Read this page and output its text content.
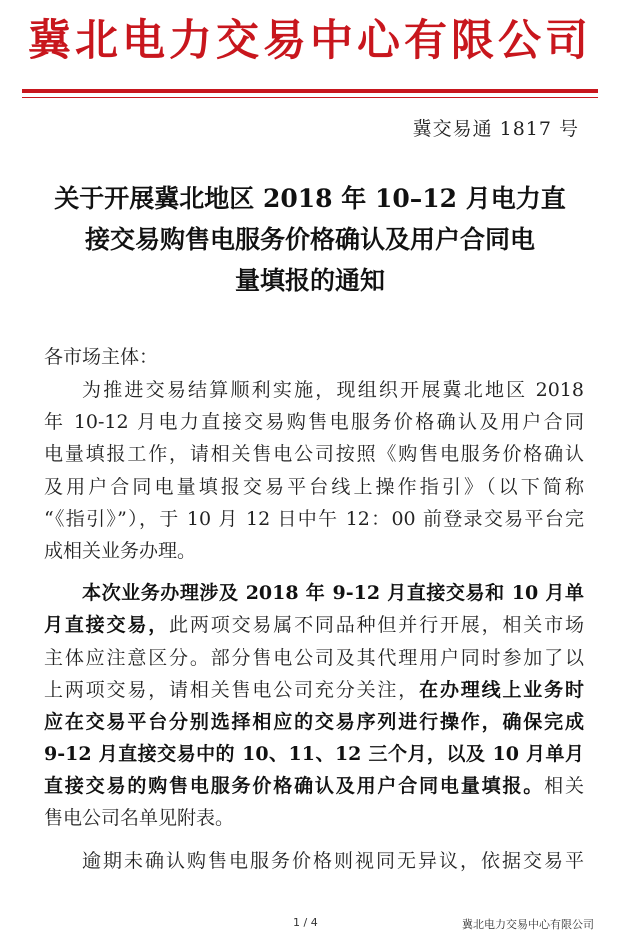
冀北电力交易中心有限公司
冀交易通 1817 号
关于开展冀北地区 2018 年 10–12 月电力直
接交易购售电服务价格确认及用户合同电
量填报的通知
各市场主体：
为推进交易结算顺利实施，现组织开展冀北地区 2018
年 10-12 月电力直接交易购售电服务价格确认及用户合同
电量填报工作，请相关售电公司按照《购售电服务价格确认
及用户合同电量填报交易平台线上操作指引》（以下简称
“《指引》”），于 10 月 12 日中午 12：00 前登录交易平台完
成相关业务办理。
本次业务办理涉及 2018 年 9-12 月直接交易和 10 月单
月直接交易，此两项交易属不同品种但并行开展，相关市场
主体应注意区分。部分售电公司及其代理用户同时参加了以
上两项交易，请相关售电公司充分关注，在办理线上业务时
应在交易平台分别选择相应的交易序列进行操作，确保完成
9-12 月直接交易中的 10、11、12 三个月，以及 10 月单月
直接交易的购售电服务价格确认及用户合同电量填报。相关
售电公司名单见附表。
逾期未确认购售电服务价格则视同无异议，依据交易平
1 / 4	冀北电力交易中心有限公司
